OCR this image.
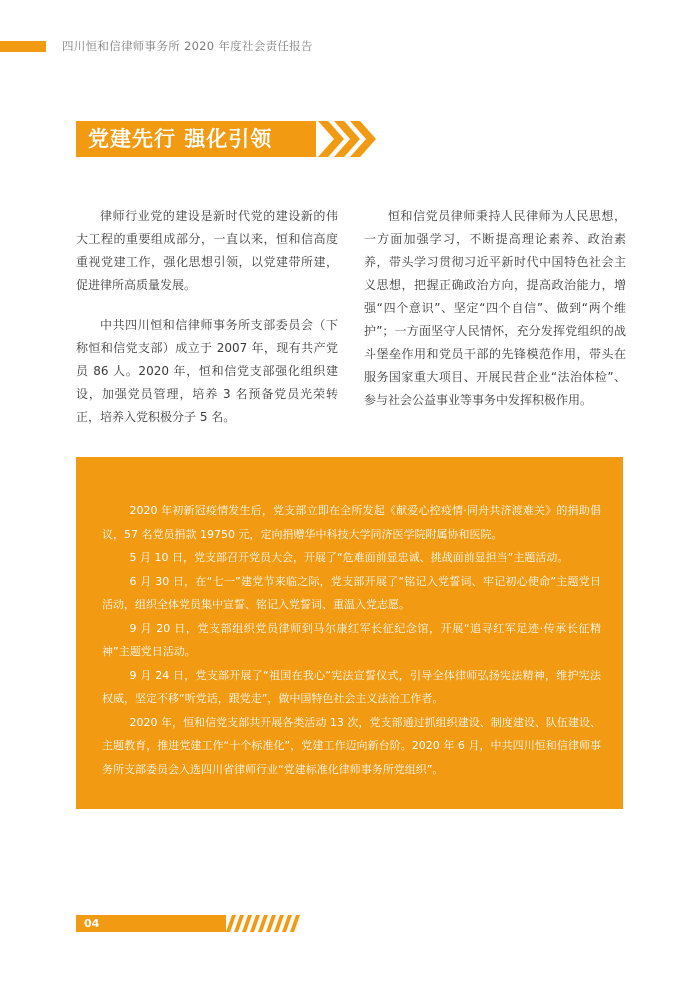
四川恒和信律师事务所 2020 年度社会责任报告
党建先行 强化引领

律师行业党的建设是新时代党的建设新的伟大工程的重要组成部分，一直以来，恒和信高度重视党建工作，强化思想引领，以党建带所建，促进律所高质量发展。

中共四川恒和信律师事务所支部委员会（下称恒和信党支部）成立于 2007 年，现有共产党员 86 人。2020 年，恒和信党支部强化组织建设，加强党员管理，培养 3 名预备党员光荣转正，培养入党积极分子 5 名。

恒和信党员律师秉持人民律师为人民思想，一方面加强学习，不断提高理论素养、政治素养，带头学习贯彻习近平新时代中国特色社会主义思想，把握正确政治方向，提高政治能力，增强“四个意识”、坚定“四个自信”、做到“两个维护”；一方面坚守人民情怀，充分发挥党组织的战斗堡垒作用和党员干部的先锋模范作用，带头在服务国家重大项目、开展民营企业“法治体检”、参与社会公益事业等事务中发挥积极作用。

2020 年初新冠疫情发生后，党支部立即在全所发起《献爱心控疫情·同舟共济渡难关》的捐助倡议，57 名党员捐款 19750 元，定向捐赠华中科技大学同济医学院附属协和医院。

5 月 10 日，党支部召开党员大会，开展了“危难面前显忠诚、挑战面前显担当”主题活动。

6 月 30 日，在“七一”建党节来临之际，党支部开展了“铭记入党誓词、牢记初心使命”主题党日活动，组织全体党员集中宣誓、铭记入党誓词、重温入党志愿。

9 月 20 日，党支部组织党员律师到马尔康红军长征纪念馆，开展“追寻红军足迹·传承长征精神”主题党日活动。

9 月 24 日，党支部开展了“祖国在我心”宪法宣誓仪式，引导全体律师弘扬宪法精神，维护宪法权威，坚定不移“听党话，跟党走”，做中国特色社会主义法治工作者。

2020 年，恒和信党支部共开展各类活动 13 次，党支部通过抓组织建设、制度建设、队伍建设、主题教育，推进党建工作“十个标准化”，党建工作迈向新台阶。2020 年 6 月，中共四川恒和信律师事务所支部委员会入选四川省律师行业“党建标准化律师事务所党组织”。

04
